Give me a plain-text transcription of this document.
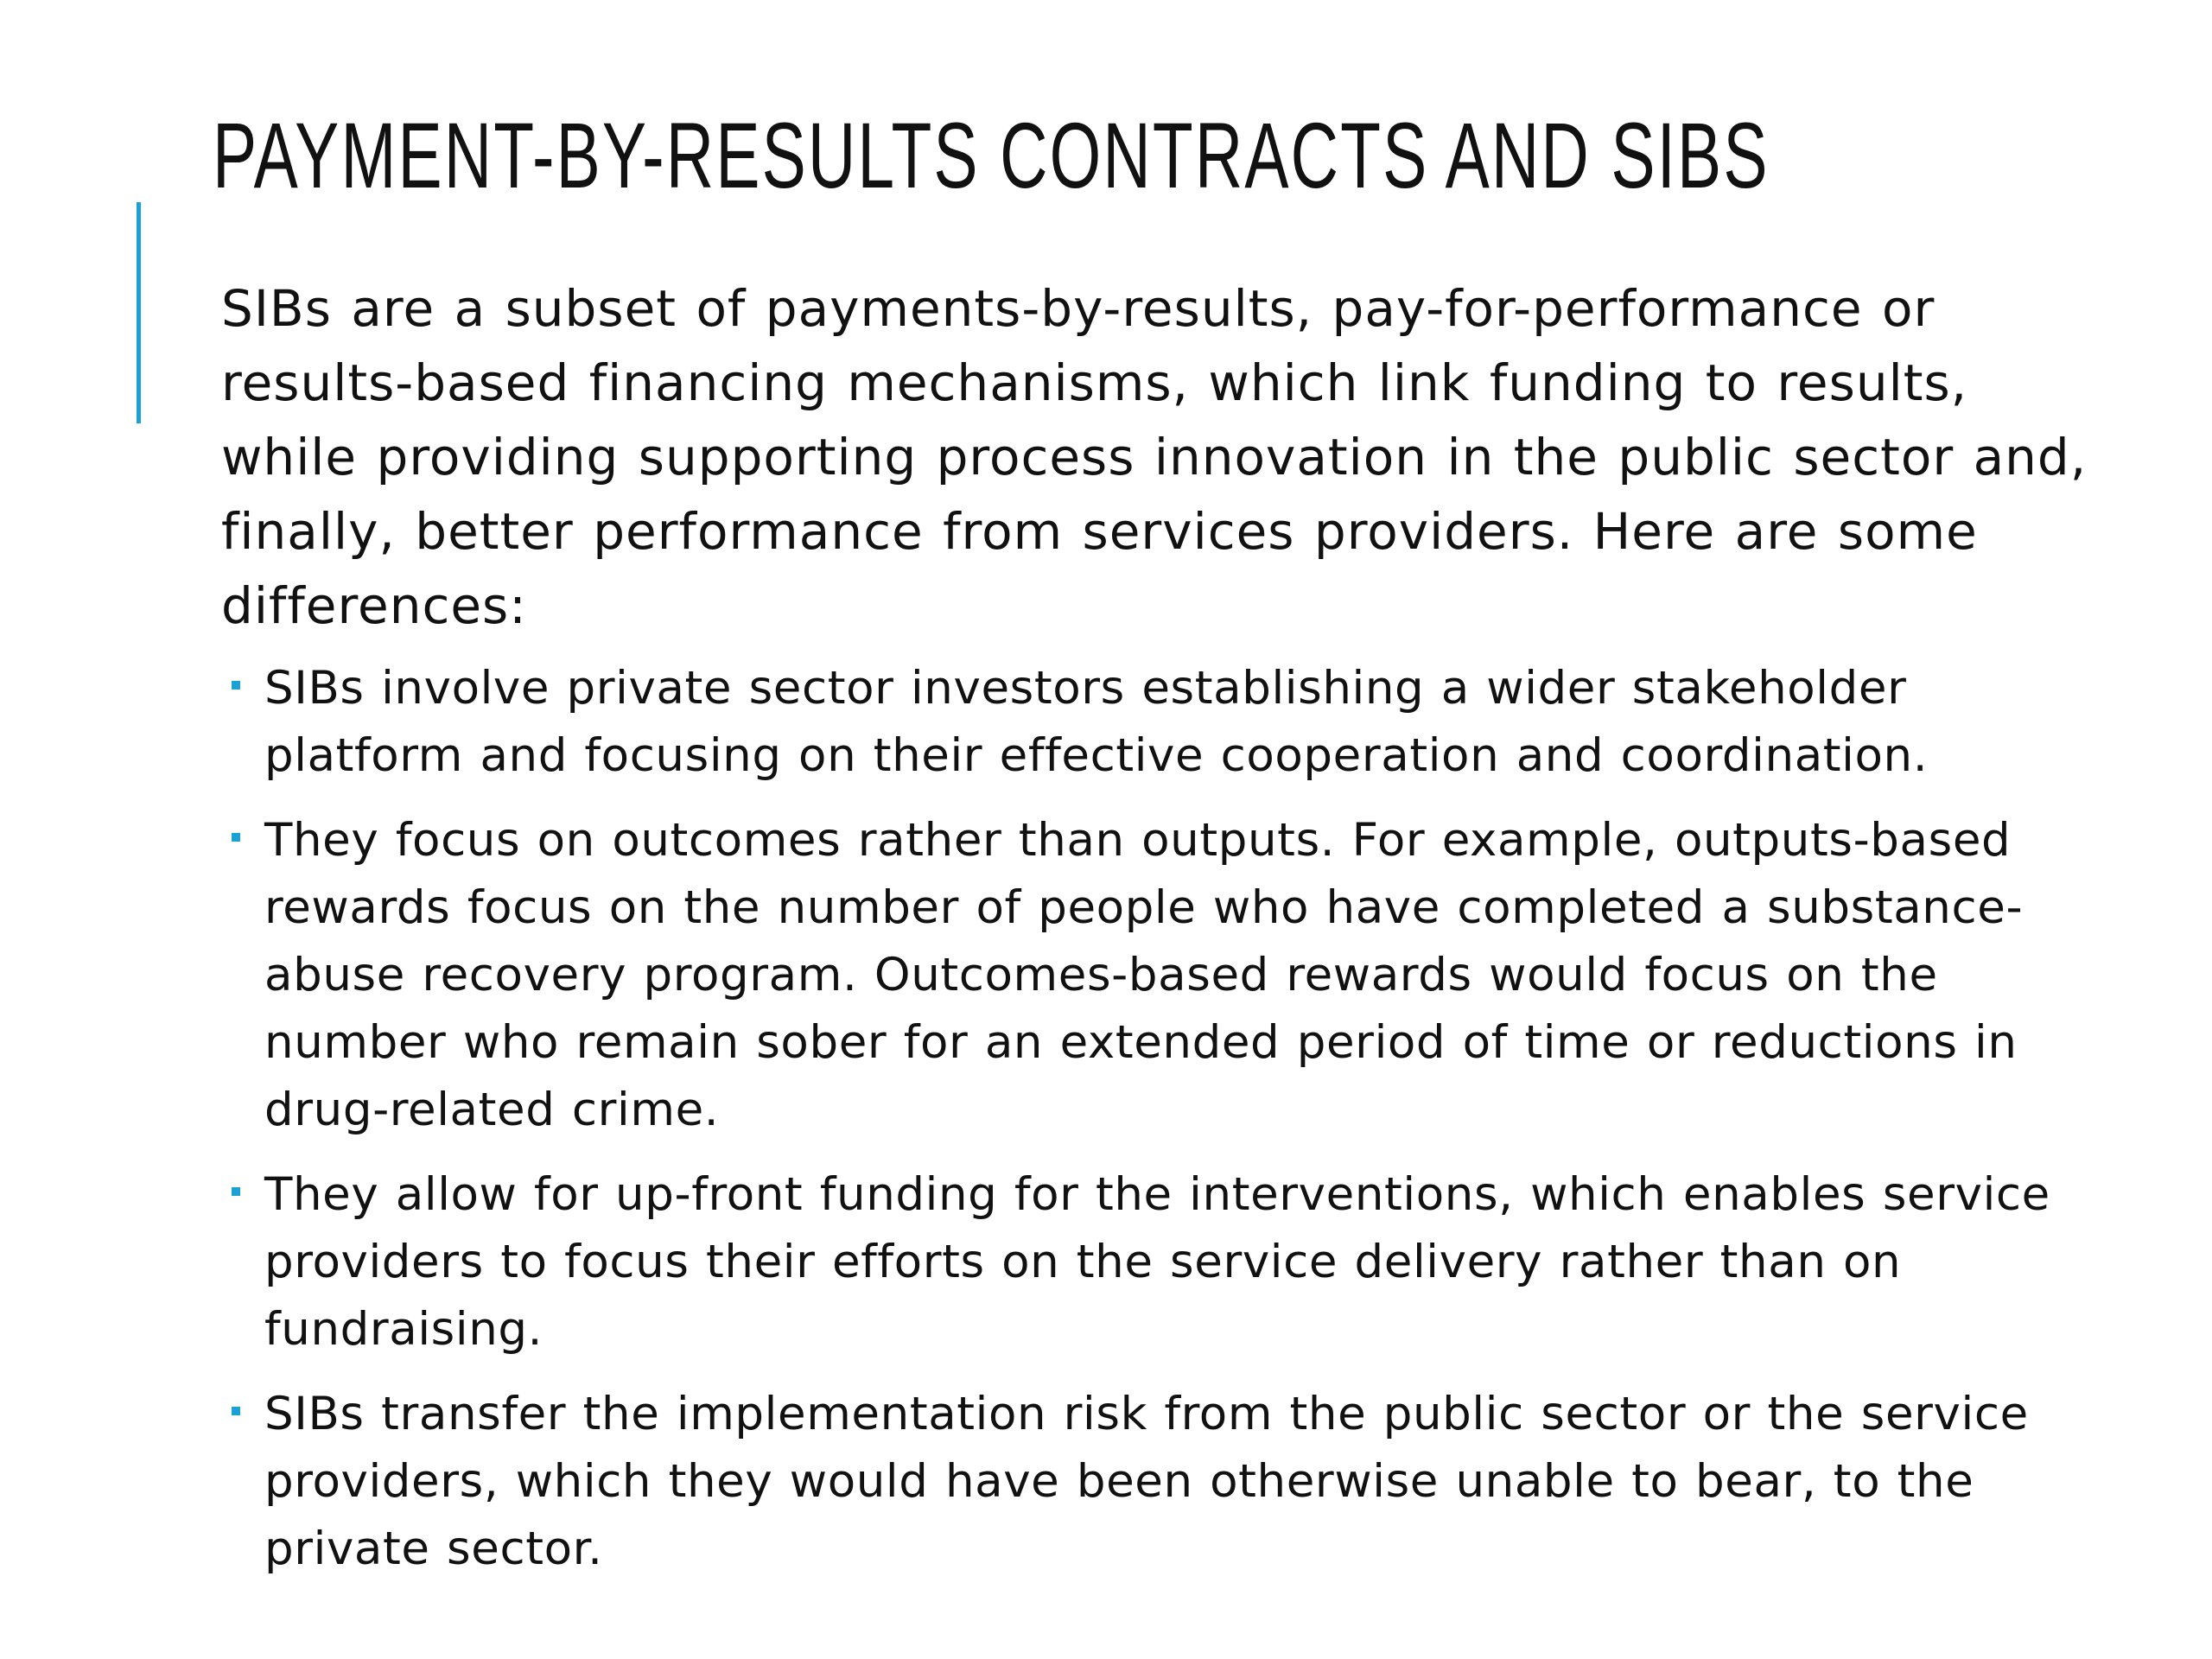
PAYMENT-BY-RESULTS CONTRACTS AND SIBS

SIBs are a subset of payments-by-results, pay-for-performance or results-based financing mechanisms, which link funding to results, while providing supporting process innovation in the public sector and, finally, better performance from services providers. Here are some differences:

SIBs involve private sector investors establishing a wider stakeholder platform and focusing on their effective cooperation and coordination.
They focus on outcomes rather than outputs. For example, outputs-based rewards focus on the number of people who have completed a substance-abuse recovery program. Outcomes-based rewards would focus on the number who remain sober for an extended period of time or reductions in drug-related crime.
They allow for up-front funding for the interventions, which enables service providers to focus their efforts on the service delivery rather than on fundraising.
SIBs transfer the implementation risk from the public sector or the service providers, which they would have been otherwise unable to bear, to the private sector.
